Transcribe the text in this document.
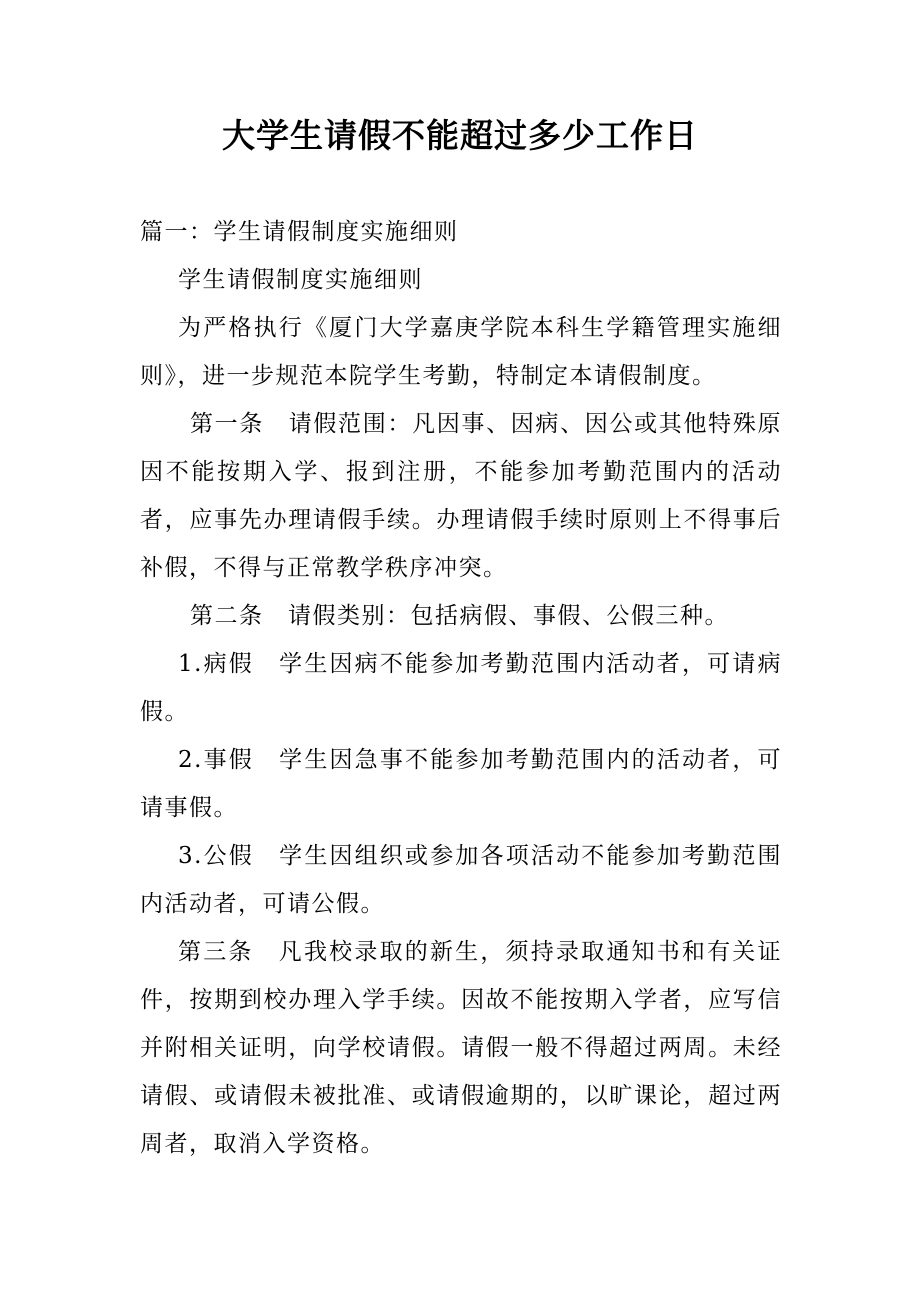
大学生请假不能超过多少工作日

篇一：学生请假制度实施细则

学生请假制度实施细则

为严格执行《厦门大学嘉庚学院本科生学籍管理实施细则》，进一步规范本院学生考勤，特制定本请假制度。

第一条　请假范围：凡因事、因病、因公或其他特殊原因不能按期入学、报到注册，不能参加考勤范围内的活动者，应事先办理请假手续。办理请假手续时原则上不得事后补假，不得与正常教学秩序冲突。

第二条　请假类别：包括病假、事假、公假三种。

1.病假　学生因病不能参加考勤范围内活动者，可请病假。

2.事假　学生因急事不能参加考勤范围内的活动者，可请事假。

3.公假　学生因组织或参加各项活动不能参加考勤范围内活动者，可请公假。

第三条　凡我校录取的新生，须持录取通知书和有关证件，按期到校办理入学手续。因故不能按期入学者，应写信并附相关证明，向学校请假。请假一般不得超过两周。未经请假、或请假未被批准、或请假逾期的，以旷课论，超过两周者，取消入学资格。
